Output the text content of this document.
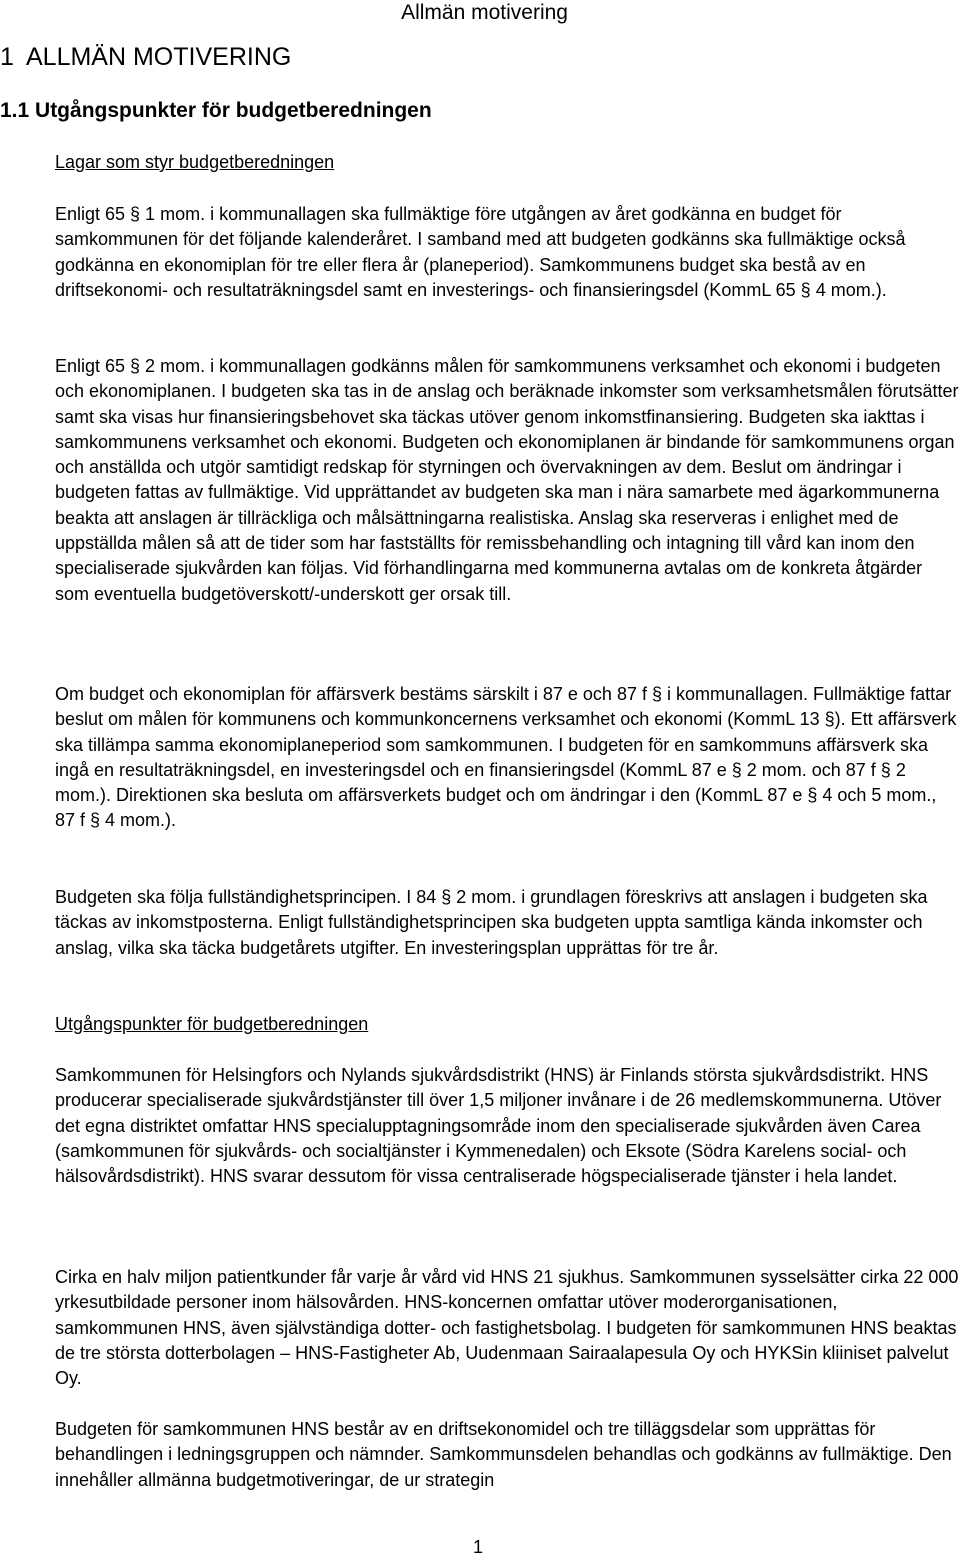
Allmän motivering
1 ALLMÄN MOTIVERING
1.1 Utgångspunkter för budgetberedningen
Lagar som styr budgetberedningen

Enligt 65 § 1 mom. i kommunallagen ska fullmäktige före utgången av året godkänna en budget för samkommunen för det följande kalenderåret. I samband med att budgeten godkänns ska fullmäktige också godkänna en ekonomiplan för tre eller flera år (planeperiod). Samkommunens budget ska bestå av en driftsekonomi- och resultaträkningsdel samt en investerings- och finansieringsdel (KommL 65 § 4 mom.).

Enligt 65 § 2 mom. i kommunallagen godkänns målen för samkommunens verksamhet och ekonomi i budgeten och ekonomiplanen. I budgeten ska tas in de anslag och beräknade inkomster som verksamhetsmålen förutsätter samt ska visas hur finansieringsbehovet ska täckas utöver genom inkomstfinansiering. Budgeten ska iakttas i samkommunens verksamhet och ekonomi. Budgeten och ekonomiplanen är bindande för samkommunens organ och anställda och utgör samtidigt redskap för styrningen och övervakningen av dem. Beslut om ändringar i budgeten fattas av fullmäktige. Vid upprättandet av budgeten ska man i nära samarbete med ägarkommunerna beakta att anslagen är tillräckliga och målsättningarna realistiska. Anslag ska reserveras i enlighet med de uppställda målen så att de tider som har fastställts för remissbehandling och intagning till vård kan inom den specialiserade sjukvården kan följas. Vid förhandlingarna med kommunerna avtalas om de konkreta åtgärder som eventuella budgetöverskott/-underskott ger orsak till.

Om budget och ekonomiplan för affärsverk bestäms särskilt i 87 e och 87 f § i kommunallagen. Fullmäktige fattar beslut om målen för kommunens och kommunkoncernens verksamhet och ekonomi (KommL 13 §). Ett affärsverk ska tillämpa samma ekonomiplaneperiod som samkommunen. I budgeten för en samkommuns affärsverk ska ingå en resultaträkningsdel, en investeringsdel och en finansieringsdel (KommL 87 e § 2 mom. och 87 f § 2 mom.). Direktionen ska besluta om affärsverkets budget och om ändringar i den (KommL 87 e § 4 och 5 mom., 87 f § 4 mom.).

Budgeten ska följa fullständighetsprincipen. I 84 § 2 mom. i grundlagen föreskrivs att anslagen i budgeten ska täckas av inkomstposterna. Enligt fullständighetsprincipen ska budgeten uppta samtliga kända inkomster och anslag, vilka ska täcka budgetårets utgifter. En investeringsplan upprättas för tre år.

Utgångspunkter för budgetberedningen

Samkommunen för Helsingfors och Nylands sjukvårdsdistrikt (HNS) är Finlands största sjukvårdsdistrikt. HNS producerar specialiserade sjukvårdstjänster till över 1,5 miljoner invånare i de 26 medlemskommunerna. Utöver det egna distriktet omfattar HNS specialupptagningsområde inom den specialiserade sjukvården även Carea (samkommunen för sjukvårds- och socialtjänster i Kymmenedalen) och Eksote (Södra Karelens social- och hälsovårdsdistrikt). HNS svarar dessutom för vissa centraliserade högspecialiserade tjänster i hela landet.

Cirka en halv miljon patientkunder får varje år vård vid HNS 21 sjukhus. Samkommunen sysselsätter cirka 22 000 yrkesutbildade personer inom hälsovården. HNS-koncernen omfattar utöver moderorganisationen, samkommunen HNS, även självständiga dotter- och fastighetsbolag. I budgeten för samkommunen HNS beaktas de tre största dotterbolagen – HNS-Fastigheter Ab, Uudenmaan Sairaalapesula Oy och HYKSin kliiniset palvelut Oy.

Budgeten för samkommunen HNS består av en driftsekonomidel och tre tilläggsdelar som upprättas för behandlingen i ledningsgruppen och nämnder. Samkommunsdelen behandlas och godkänns av fullmäktige. Den innehåller allmänna budgetmotiveringar, de ur strategin

1
